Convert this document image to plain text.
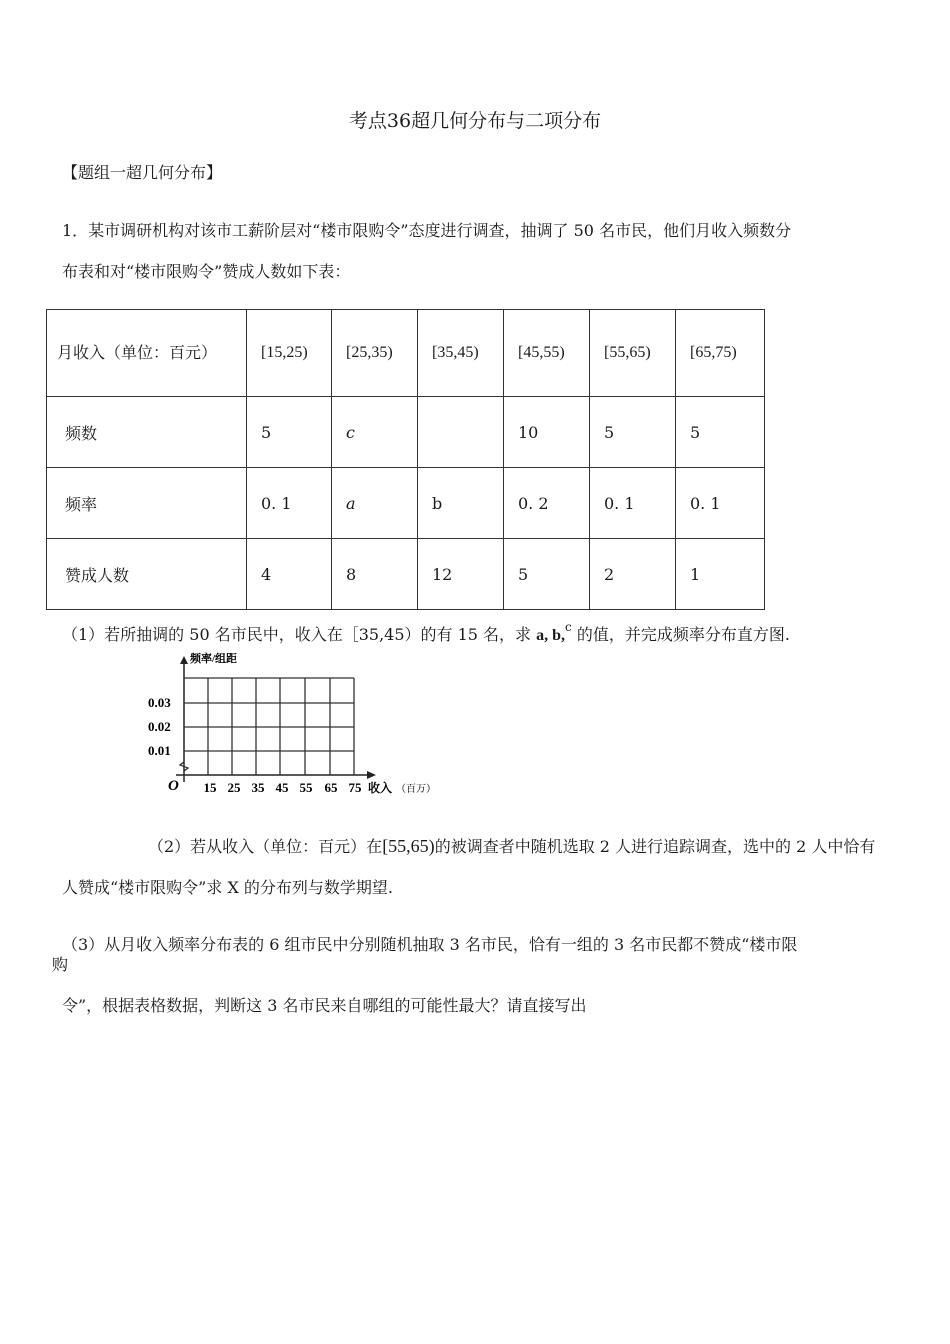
考点36超几何分布与二项分布
【题组一超几何分布】
1．某市调研机构对该市工薪阶层对“楼市限购令”态度进行调查，抽调了 50 名市民，他们月收入频数分
布表和对“楼市限购令”赞成人数如下表：
月收入（单位：百元）	[15,25)	[25,35)	[35,45)	[45,55)	[55,65)	[65,75)
频数	5	c		10	5	5
频率	0. 1	a	b	0. 2	0. 1	0. 1
赞成人数	4	8	12	5	2	1
（1）若所抽调的 50 名市民中，收入在［35,45）的有 15 名，求 a, b,$^c$ 的值，并完成频率分布直方图.
频率/组距
0.03
0.02
0.01
O 15 25 35 45 55 65 75 收入 （百万）
（2）若从收入（单位：百元）在[55,65)的被调查者中随机选取 2 人进行追踪调查，选中的 2 人中恰有
人赞成“楼市限购令”求 X 的分布列与数学期望.
（3）从月收入频率分布表的 6 组市民中分别随机抽取 3 名市民，恰有一组的 3 名市民都不赞成“楼市限
购
令”，根据表格数据，判断这 3 名市民来自哪组的可能性最大？请直接写出
